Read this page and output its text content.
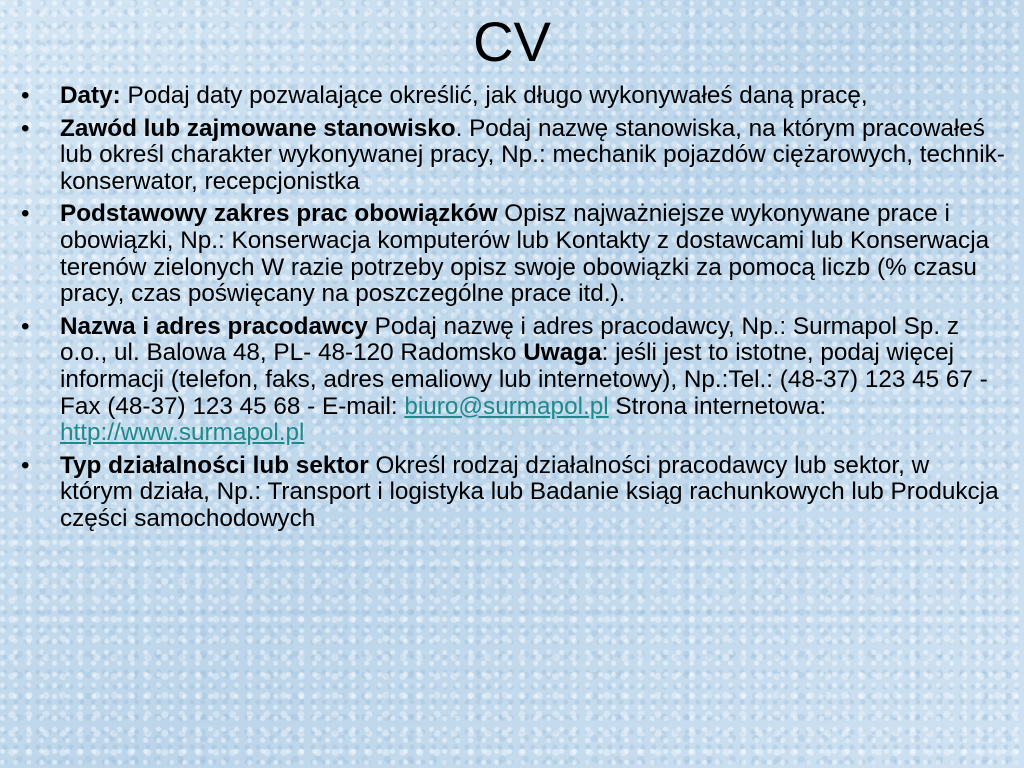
CV
• Daty: Podaj daty pozwalające określić, jak długo wykonywałeś daną pracę,
• Zawód lub zajmowane stanowisko. Podaj nazwę stanowiska, na którym pracowałeś lub określ charakter wykonywanej pracy, Np.: mechanik pojazdów ciężarowych, technik-konserwator, recepcjonistka
• Podstawowy zakres prac obowiązków Opisz najważniejsze wykonywane prace i obowiązki, Np.: Konserwacja komputerów lub Kontakty z dostawcami lub Konserwacja terenów zielonych W razie potrzeby opisz swoje obowiązki za pomocą liczb (% czasu pracy, czas poświęcany na poszczególne prace itd.).
• Nazwa i adres pracodawcy Podaj nazwę i adres pracodawcy, Np.: Surmapol Sp. z o.o., ul. Balowa 48, PL- 48-120 Radomsko Uwaga: jeśli jest to istotne, podaj więcej informacji (telefon, faks, adres emaliowy lub internetowy), Np.:Tel.: (48-37) 123 45 67 - Fax (48-37) 123 45 68 - E-mail: biuro@surmapol.pl Strona internetowa: http://www.surmapol.pl
• Typ działalności lub sektor Określ rodzaj działalności pracodawcy lub sektor, w którym działa, Np.: Transport i logistyka lub Badanie ksiąg rachunkowych lub Produkcja części samochodowych
